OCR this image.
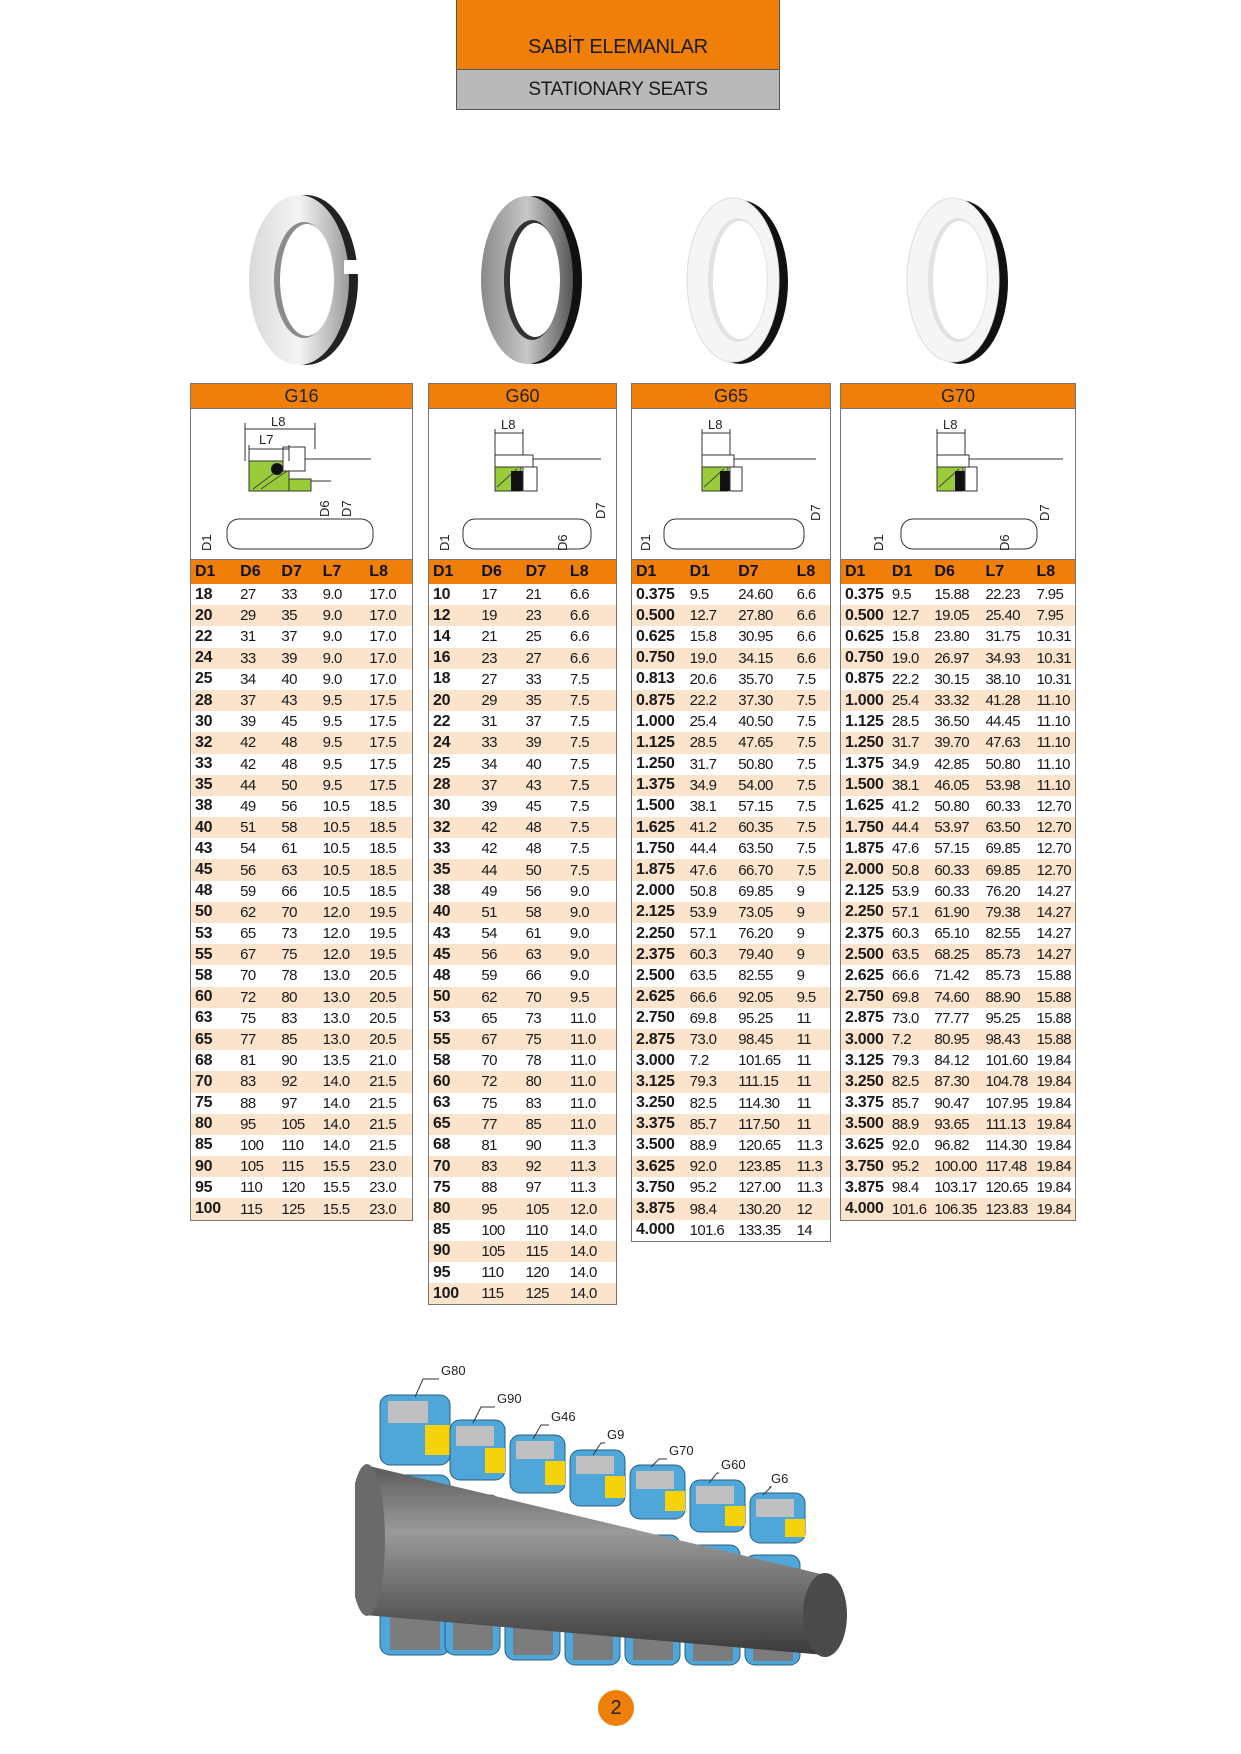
SABİT ELEMANLAR
STATIONARY SEATS
G16
L8
L7
D6 D7
D1
D1	D6	D7	L7	L8
18	27	33	9.0	17.0
20	29	35	9.0	17.0
22	31	37	9.0	17.0
24	33	39	9.0	17.0
25	34	40	9.0	17.0
28	37	43	9.5	17.5
30	39	45	9.5	17.5
32	42	48	9.5	17.5
33	42	48	9.5	17.5
35	44	50	9.5	17.5
38	49	56	10.5	18.5
40	51	58	10.5	18.5
43	54	61	10.5	18.5
45	56	63	10.5	18.5
48	59	66	10.5	18.5
50	62	70	12.0	19.5
53	65	73	12.0	19.5
55	67	75	12.0	19.5
58	70	78	13.0	20.5
60	72	80	13.0	20.5
63	75	83	13.0	20.5
65	77	85	13.0	20.5
68	81	90	13.5	21.0
70	83	92	14.0	21.5
75	88	97	14.0	21.5
80	95	105	14.0	21.5
85	100	110	14.0	21.5
90	105	115	15.5	23.0
95	110	120	15.5	23.0
100	115	125	15.5	23.0
G60
L8
D6
D7
D1
D1	D6	D7	L8
10	17	21	6.6
12	19	23	6.6
14	21	25	6.6
16	23	27	6.6
18	27	33	7.5
20	29	35	7.5
22	31	37	7.5
24	33	39	7.5
25	34	40	7.5
28	37	43	7.5
30	39	45	7.5
32	42	48	7.5
33	42	48	7.5
35	44	50	7.5
38	49	56	9.0
40	51	58	9.0
43	54	61	9.0
45	56	63	9.0
48	59	66	9.0
50	62	70	9.5
53	65	73	11.0
55	67	75	11.0
58	70	78	11.0
60	72	80	11.0
63	75	83	11.0
65	77	85	11.0
68	81	90	11.3
70	83	92	11.3
75	88	97	11.3
80	95	105	12.0
85	100	110	14.0
90	105	115	14.0
95	110	120	14.0
100	115	125	14.0
G65
L8
D7
D1
D1	D1	D7	L8
0.375	9.5	24.60	6.6
0.500	12.7	27.80	6.6
0.625	15.8	30.95	6.6
0.750	19.0	34.15	6.6
0.813	20.6	35.70	7.5
0.875	22.2	37.30	7.5
1.000	25.4	40.50	7.5
1.125	28.5	47.65	7.5
1.250	31.7	50.80	7.5
1.375	34.9	54.00	7.5
1.500	38.1	57.15	7.5
1.625	41.2	60.35	7.5
1.750	44.4	63.50	7.5
1.875	47.6	66.70	7.5
2.000	50.8	69.85	9
2.125	53.9	73.05	9
2.250	57.1	76.20	9
2.375	60.3	79.40	9
2.500	63.5	82.55	9
2.625	66.6	92.05	9.5
2.750	69.8	95.25	11
2.875	73.0	98.45	11
3.000	7.2	101.65	11
3.125	79.3	111.15	11
3.250	82.5	114.30	11
3.375	85.7	117.50	11
3.500	88.9	120.65	11.3
3.625	92.0	123.85	11.3
3.750	95.2	127.00	11.3
3.875	98.4	130.20	12
4.000	101.6	133.35	14
G70
L8
D6
D7
D1
D1	D1	D6	L7	L8
0.375	9.5	15.88	22.23	7.95
0.500	12.7	19.05	25.40	7.95
0.625	15.8	23.80	31.75	10.31
0.750	19.0	26.97	34.93	10.31
0.875	22.2	30.15	38.10	10.31
1.000	25.4	33.32	41.28	11.10
1.125	28.5	36.50	44.45	11.10
1.250	31.7	39.70	47.63	11.10
1.375	34.9	42.85	50.80	11.10
1.500	38.1	46.05	53.98	11.10
1.625	41.2	50.80	60.33	12.70
1.750	44.4	53.97	63.50	12.70
1.875	47.6	57.15	69.85	12.70
2.000	50.8	60.33	69.85	12.70
2.125	53.9	60.33	76.20	14.27
2.250	57.1	61.90	79.38	14.27
2.375	60.3	65.10	82.55	14.27
2.500	63.5	68.25	85.73	14.27
2.625	66.6	71.42	85.73	15.88
2.750	69.8	74.60	88.90	15.88
2.875	73.0	77.77	95.25	15.88
3.000	7.2	80.95	98.43	15.88
3.125	79.3	84.12	101.60	19.84
3.250	82.5	87.30	104.78	19.84
3.375	85.7	90.47	107.95	19.84
3.500	88.9	93.65	111.13	19.84
3.625	92.0	96.82	114.30	19.84
3.750	95.2	100.00	117.48	19.84
3.875	98.4	103.17	120.65	19.84
4.000	101.6	106.35	123.83	19.84
G80
G90
G46
G9
G70
G60
G6
2
